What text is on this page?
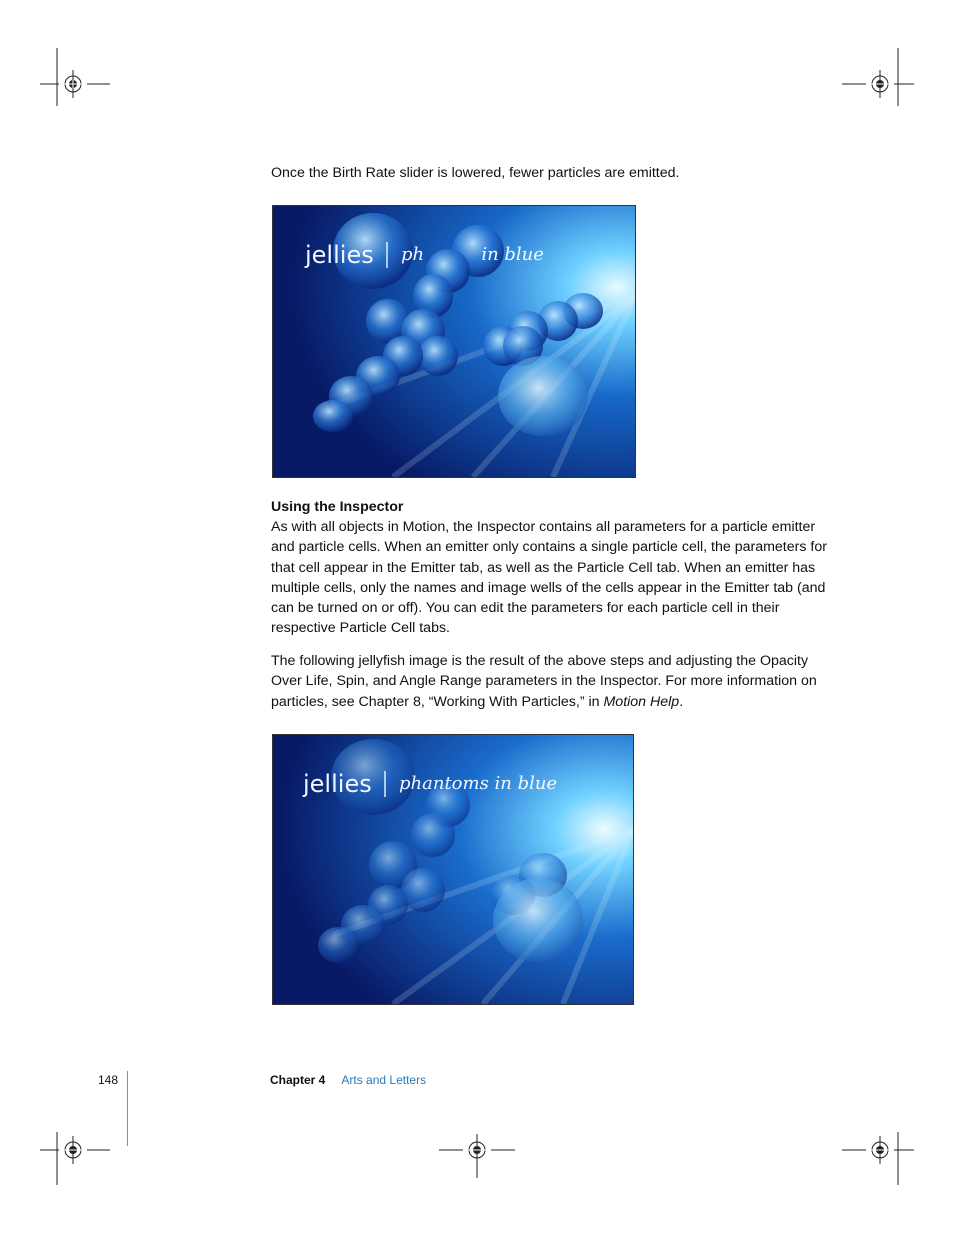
Once the Birth Rate slider is lowered, fewer particles are emitted.
jellies ph          in blue
Using the Inspector
As with all objects in Motion, the Inspector contains all parameters for a particle emitter and particle cells. When an emitter only contains a single particle cell, the parameters for that cell appear in the Emitter tab, as well as the Particle Cell tab. When an emitter has multiple cells, only the names and image wells of the cells appear in the Emitter tab (and can be turned on or off). You can edit the parameters for each particle cell in their respective Particle Cell tabs.
The following jellyfish image is the result of the above steps and adjusting the Opacity Over Life, Spin, and Angle Range parameters in the Inspector. For more information on particles, see Chapter 8, “Working With Particles,” in Motion Help.
jellies phantoms in blue
148	Chapter 4 Arts and Letters
